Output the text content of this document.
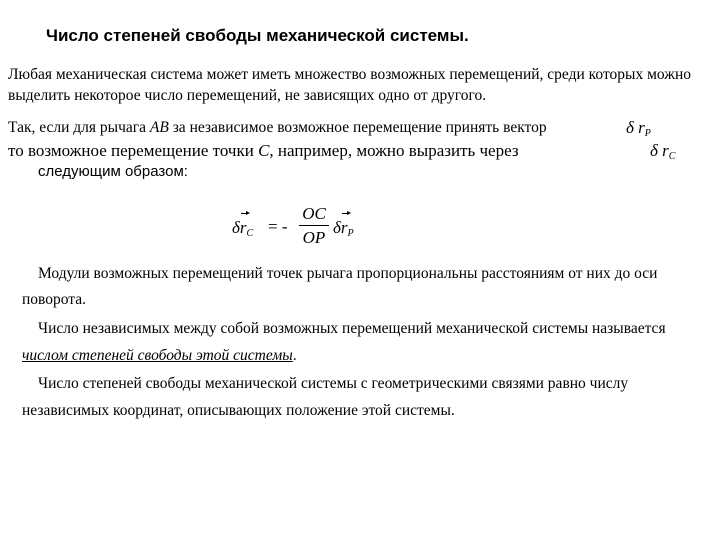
Число степеней свободы механической системы.
Любая механическая система может иметь множество возможных перемещений, среди которых можно
выделить некоторое число перемещений, не зависящих одно от другого.
Так, если для рычага AB за независимое возможное перемещение принять вектор	δ $r_P$
то возможное перемещение точки C, например, можно выразить через	δ $r_C$
следующим образом:
$\delta r_C$ = -
OC
OP
$\delta r_P$
Модули возможных перемещений точек рычага пропорциональны расстояниям от них до оси
поворота.
Число независимых между собой возможных перемещений механической системы называется
числом степеней свободы этой системы.
Число степеней свободы механической системы с геометрическими связями равно числу
независимых координат, описывающих положение этой системы.
